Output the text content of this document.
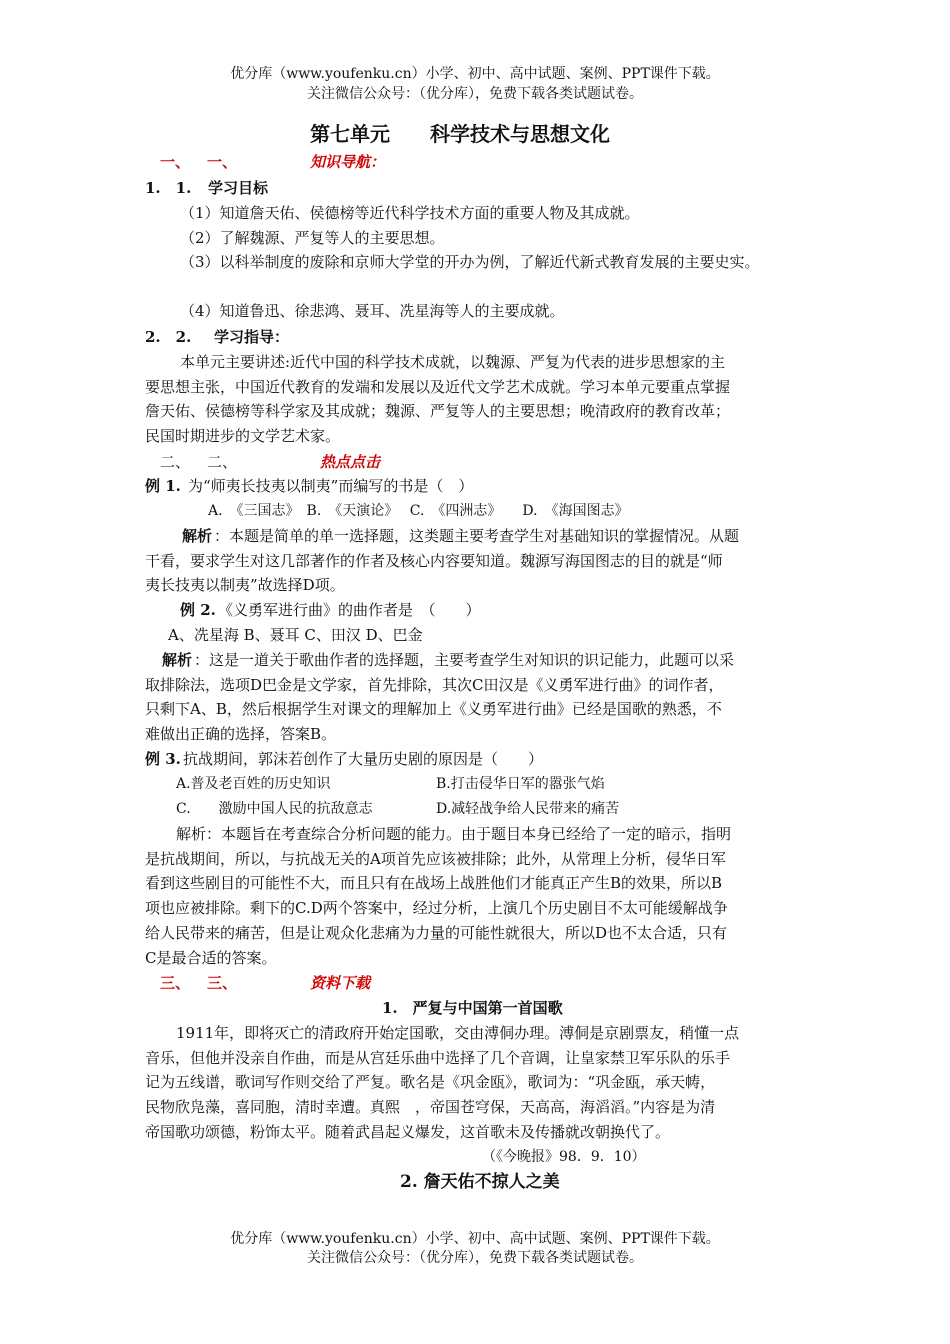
优分库（www.youfenku.cn）小学、初中、高中试题、案例、PPT课件下载。
关注微信公众号：（优分库），免费下载各类试题试卷。
第七单元　　科学技术与思想文化
一、 一、	知识导航：
1.　1. 学习目标
（1）知道詹天佑、侯德榜等近代科学技术方面的重要人物及其成就。
（2）了解魏源、严复等人的主要思想。
（3）以科举制度的废除和京师大学堂的开办为例，了解近代新式教育发展的主要史实。
（4）知道鲁迅、徐悲鸿、聂耳、冼星海等人的主要成就。
2.　2. 学习指导：
本单元主要讲述:近代中国的科学技术成就，以魏源、严复为代表的进步思想家的主
要思想主张，中国近代教育的发端和发展以及近代文学艺术成就。学习本单元要重点掌握
詹天佑、侯德榜等科学家及其成就；魏源、严复等人的主要思想；晚清政府的教育改革；
民国时期进步的文学艺术家。
二、 二、	热点点击
例 1. 为“师夷长技夷以制夷”而编写的书是（　）
A.　《三国志》　B.　《天演论》　 C.　《四洲志》　　D.　《海国图志》
解析 ：本题是简单的单一选择题，这类题主要考查学生对基础知识的掌握情况。从题
干看，要求学生对这几部著作的作者及核心内容要知道。魏源写海国图志的目的就是“师
夷长技夷以制夷”故选择D项。
例 2. 《义勇军进行曲》的曲作者是　（　　）
A、冼星海 B、聂耳 C、田汉 D、巴金
解析 ：这是一道关于歌曲作者的选择题，主要考查学生对知识的识记能力，此题可以采
取排除法，选项D巴金是文学家，首先排除，其次C田汉是《义勇军进行曲》的词作者，
只剩下A、B，然后根据学生对课文的理解加上《义勇军进行曲》已经是国歌的熟悉，不
难做出正确的选择，答案B。
例 3. 抗战期间，郭沫若创作了大量历史剧的原因是（　　）
A.普及老百姓的历史知识	B.打击侵华日军的嚣张气焰
C.　　激励中国人民的抗敌意志	D.减轻战争给人民带来的痛苦
解析：本题旨在考查综合分析问题的能力。由于题目本身已经给了一定的暗示，指明
是抗战期间，所以，与抗战无关的A项首先应该被排除；此外，从常理上分析，侵华日军
看到这些剧目的可能性不大，而且只有在战场上战胜他们才能真正产生B的效果，所以B
项也应被排除。剩下的C.D两个答案中，经过分析，上演几个历史剧目不太可能缓解战争
给人民带来的痛苦，但是让观众化悲痛为力量的可能性就很大，所以D也不太合适，只有
C是最合适的答案。
三、 三、	资料下载
1.　严复与中国第一首国歌
1911年，即将灭亡的清政府开始定国歌，交由溥侗办理。溥侗是京剧票友，稍懂一点
音乐，但他并没亲自作曲，而是从宫廷乐曲中选择了几个音调，让皇家禁卫军乐队的乐手
记为五线谱，歌词写作则交给了严复。歌名是《巩金瓯》，歌词为：“巩金瓯，承天帱，
民物欣凫藻，喜同胞，清时幸遭。真熙　，帝国苍穹保，天高高，海滔滔。”内容是为清
帝国歌功颂德，粉饰太平。随着武昌起义爆发，这首歌未及传播就改朝换代了。
（《今晚报》98．9．10）
2. 詹天佑不掠人之美
优分库（www.youfenku.cn）小学、初中、高中试题、案例、PPT课件下载。
关注微信公众号：（优分库），免费下载各类试题试卷。
